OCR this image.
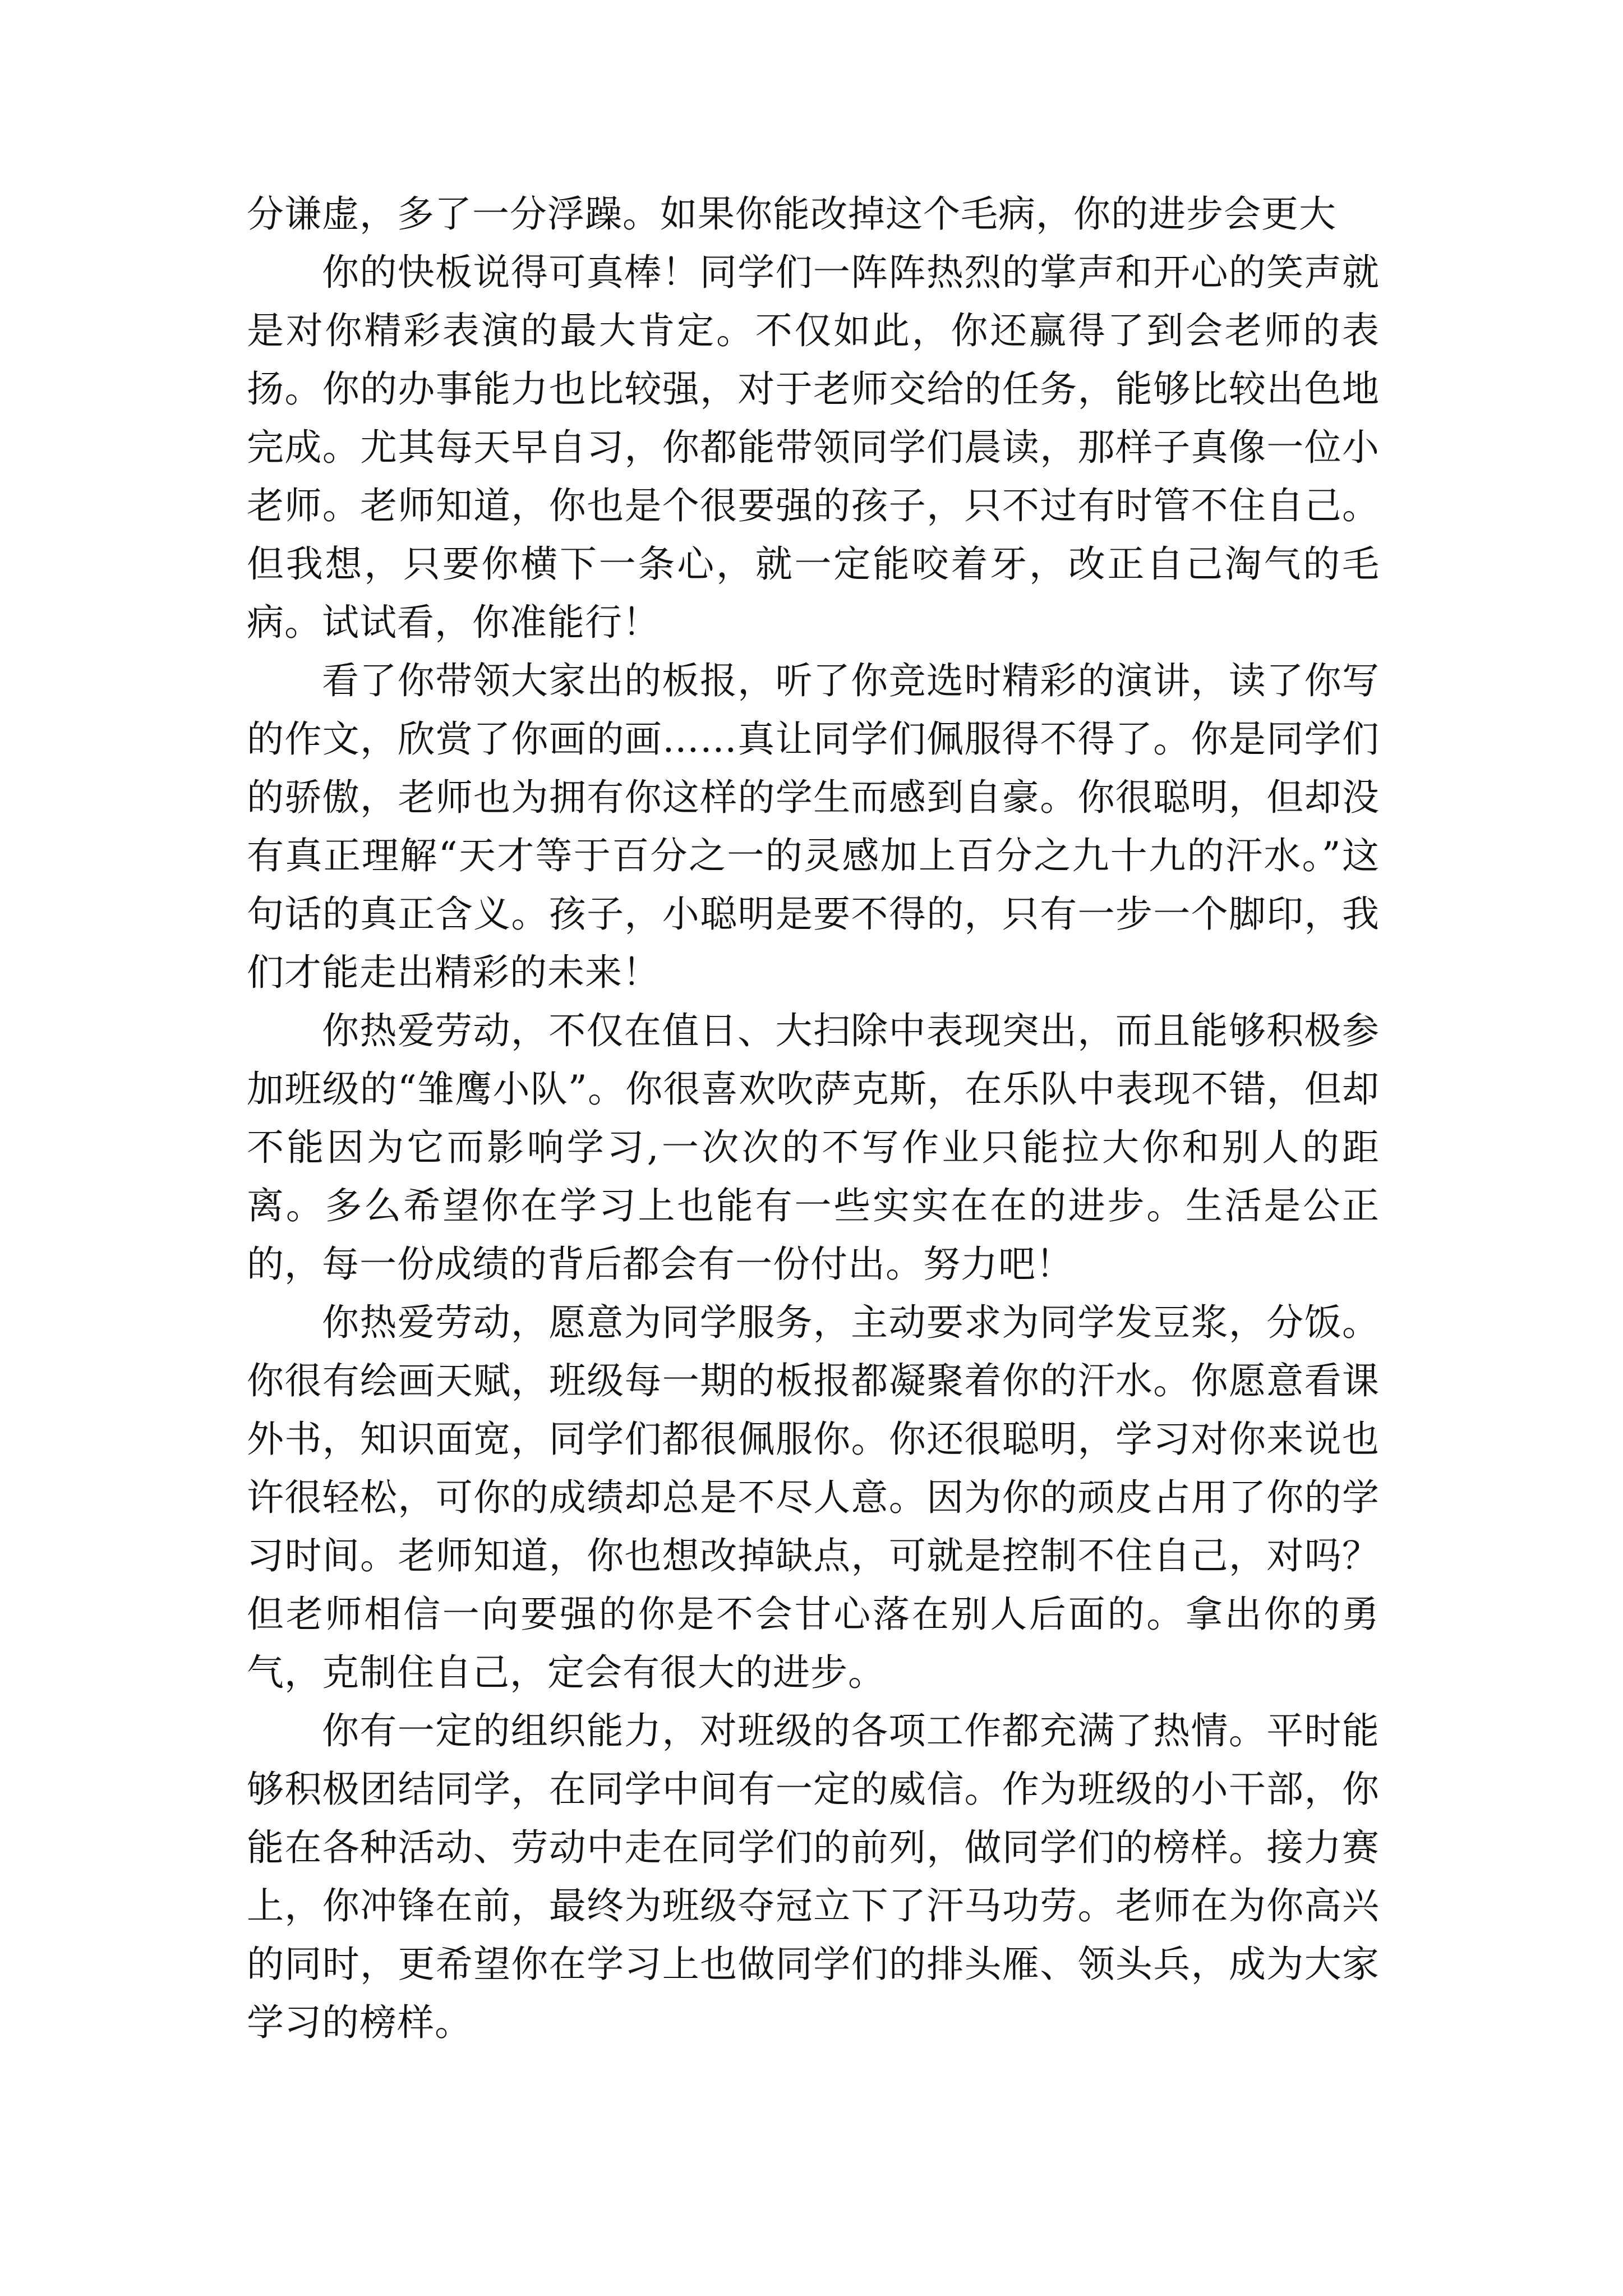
分谦虚，多了一分浮躁。如果你能改掉这个毛病，你的进步会更大

你的快板说得可真棒！同学们一阵阵热烈的掌声和开心的笑声就是对你精彩表演的最大肯定。不仅如此，你还赢得了到会老师的表扬。你的办事能力也比较强，对于老师交给的任务，能够比较出色地完成。尤其每天早自习，你都能带领同学们晨读，那样子真像一位小老师。老师知道，你也是个很要强的孩子，只不过有时管不住自己。但我想，只要你横下一条心，就一定能咬着牙，改正自己淘气的毛病。试试看，你准能行！

看了你带领大家出的板报，听了你竞选时精彩的演讲，读了你写的作文，欣赏了你画的画……真让同学们佩服得不得了。你是同学们的骄傲，老师也为拥有你这样的学生而感到自豪。你很聪明，但却没有真正理解“天才等于百分之一的灵感加上百分之九十九的汗水。”这句话的真正含义。孩子，小聪明是要不得的，只有一步一个脚印，我们才能走出精彩的未来！

你热爱劳动，不仅在值日、大扫除中表现突出，而且能够积极参加班级的“雏鹰小队”。你很喜欢吹萨克斯，在乐队中表现不错，但却不能因为它而影响学习,一次次的不写作业只能拉大你和别人的距离。多么希望你在学习上也能有一些实实在在的进步。生活是公正的，每一份成绩的背后都会有一份付出。努力吧！

你热爱劳动，愿意为同学服务，主动要求为同学发豆浆，分饭。你很有绘画天赋，班级每一期的板报都凝聚着你的汗水。你愿意看课外书，知识面宽，同学们都很佩服你。你还很聪明，学习对你来说也许很轻松，可你的成绩却总是不尽人意。因为你的顽皮占用了你的学习时间。老师知道，你也想改掉缺点，可就是控制不住自己，对吗？但老师相信一向要强的你是不会甘心落在别人后面的。拿出你的勇气，克制住自己，定会有很大的进步。

你有一定的组织能力，对班级的各项工作都充满了热情。平时能够积极团结同学，在同学中间有一定的威信。作为班级的小干部，你能在各种活动、劳动中走在同学们的前列，做同学们的榜样。接力赛上，你冲锋在前，最终为班级夺冠立下了汗马功劳。老师在为你高兴的同时，更希望你在学习上也做同学们的排头雁、领头兵，成为大家学习的榜样。
